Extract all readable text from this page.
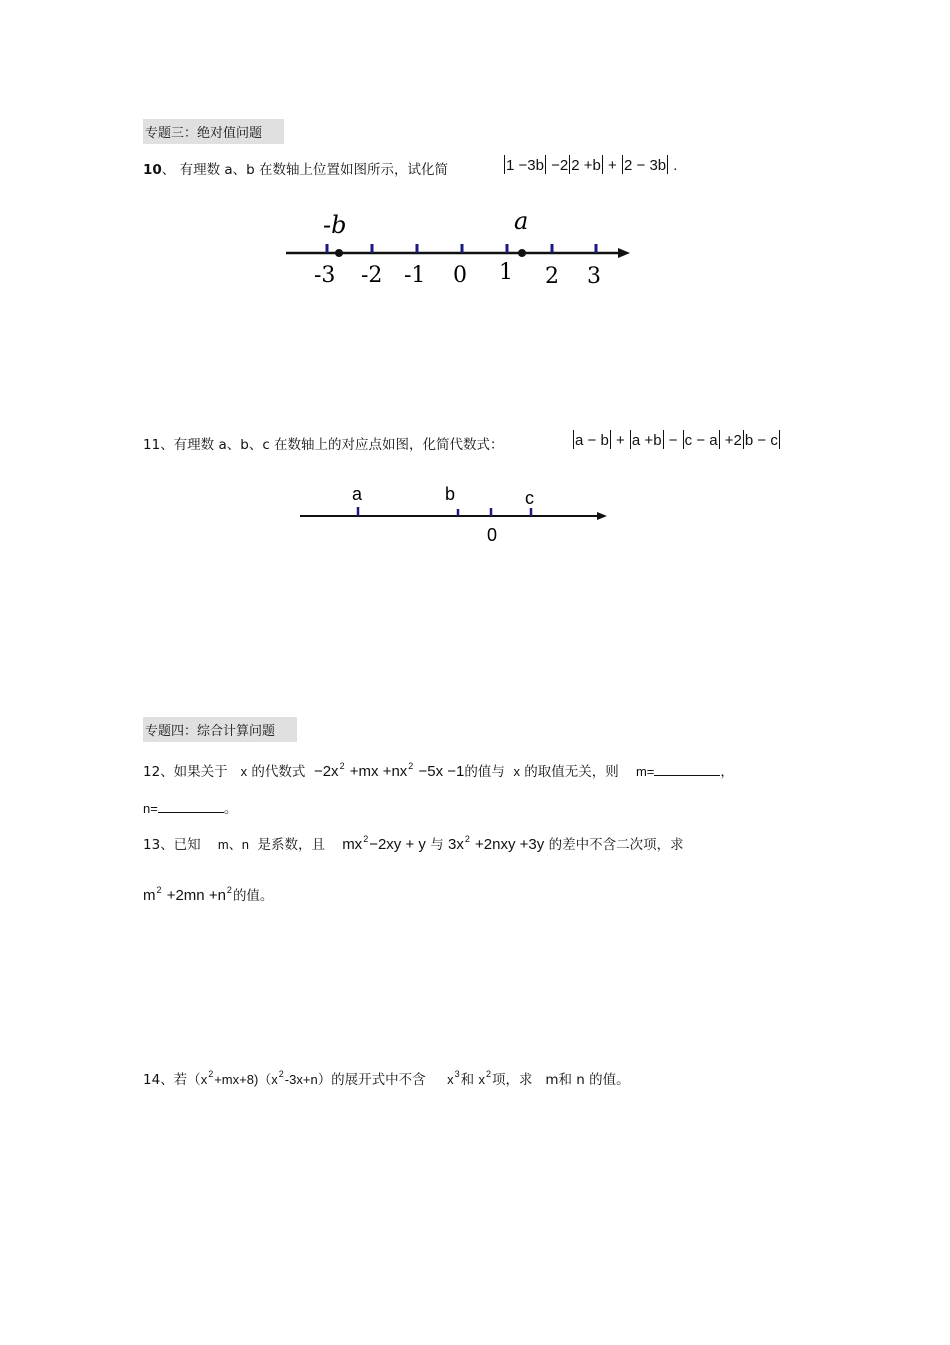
专题三：绝对值问题
10、 有理数 a、b 在数轴上位置如图所示，试化简	1 −3b −2 2 +b + 2 − 3b .
-b	a
-3 -2 -1 0 1 2 3
11、有理数 a、b、c 在数轴上的对应点如图，化简代数式：	a − b + a +b − c − a +2 b − c
a	b	c
0
专题四：综合计算问题
12、如果关于 x 的代数式 $-2x^2 +mx +nx^2 -5x -1$的值与 x 的取值无关，则 m=	，
n=	。
13、已知 m、n 是系数，且 $mx^2-2xy + y$ 与 $3x^2 +2nxy +3y$ 的差中不含二次项，求
$m^2 +2mn +n^2$的值。
14、若$(x^2+mx+8)(x^2-3x+n)$的展开式中不含 $x^3$和 $x^2$项，求 m和 n 的值。
